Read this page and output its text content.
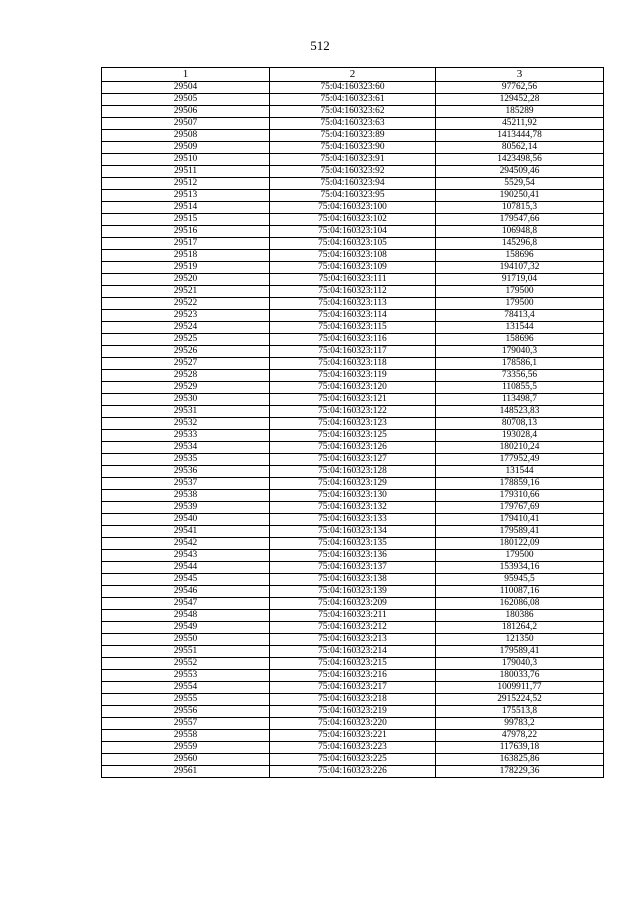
512
1	2	3
29504	75:04:160323:60	97762,56
29505	75:04:160323:61	129452,28
29506	75:04:160323:62	185289
29507	75:04:160323:63	45211,92
29508	75:04:160323:89	1413444,78
29509	75:04:160323:90	80562,14
29510	75:04:160323:91	1423498,56
29511	75:04:160323:92	294509,46
29512	75:04:160323:94	5529,54
29513	75:04:160323:95	190250,41
29514	75:04:160323:100	107815,3
29515	75:04:160323:102	179547,66
29516	75:04:160323:104	106948,8
29517	75:04:160323:105	145296,8
29518	75:04:160323:108	158696
29519	75:04:160323:109	194107,32
29520	75:04:160323:111	91719,04
29521	75:04:160323:112	179500
29522	75:04:160323:113	179500
29523	75:04:160323:114	78413,4
29524	75:04:160323:115	131544
29525	75:04:160323:116	158696
29526	75:04:160323:117	179040,3
29527	75:04:160323:118	178586,1
29528	75:04:160323:119	73356,56
29529	75:04:160323:120	110855,5
29530	75:04:160323:121	113498,7
29531	75:04:160323:122	148523,83
29532	75:04:160323:123	80708,13
29533	75:04:160323:125	193028,4
29534	75:04:160323:126	180210,24
29535	75:04:160323:127	177952,49
29536	75:04:160323:128	131544
29537	75:04:160323:129	178859,16
29538	75:04:160323:130	179310,66
29539	75:04:160323:132	179767,69
29540	75:04:160323:133	179410,41
29541	75:04:160323:134	179589,41
29542	75:04:160323:135	180122,09
29543	75:04:160323:136	179500
29544	75:04:160323:137	153934,16
29545	75:04:160323:138	95945,5
29546	75:04:160323:139	110087,16
29547	75:04:160323:209	162086,08
29548	75:04:160323:211	180386
29549	75:04:160323:212	181264,2
29550	75:04:160323:213	121350
29551	75:04:160323:214	179589,41
29552	75:04:160323:215	179040,3
29553	75:04:160323:216	180033,76
29554	75:04:160323:217	1009911,77
29555	75:04:160323:218	2915224,52
29556	75:04:160323:219	175513,8
29557	75:04:160323:220	99783,2
29558	75:04:160323:221	47978,22
29559	75:04:160323:223	117639,18
29560	75:04:160323:225	163825,86
29561	75:04:160323:226	178229,36
